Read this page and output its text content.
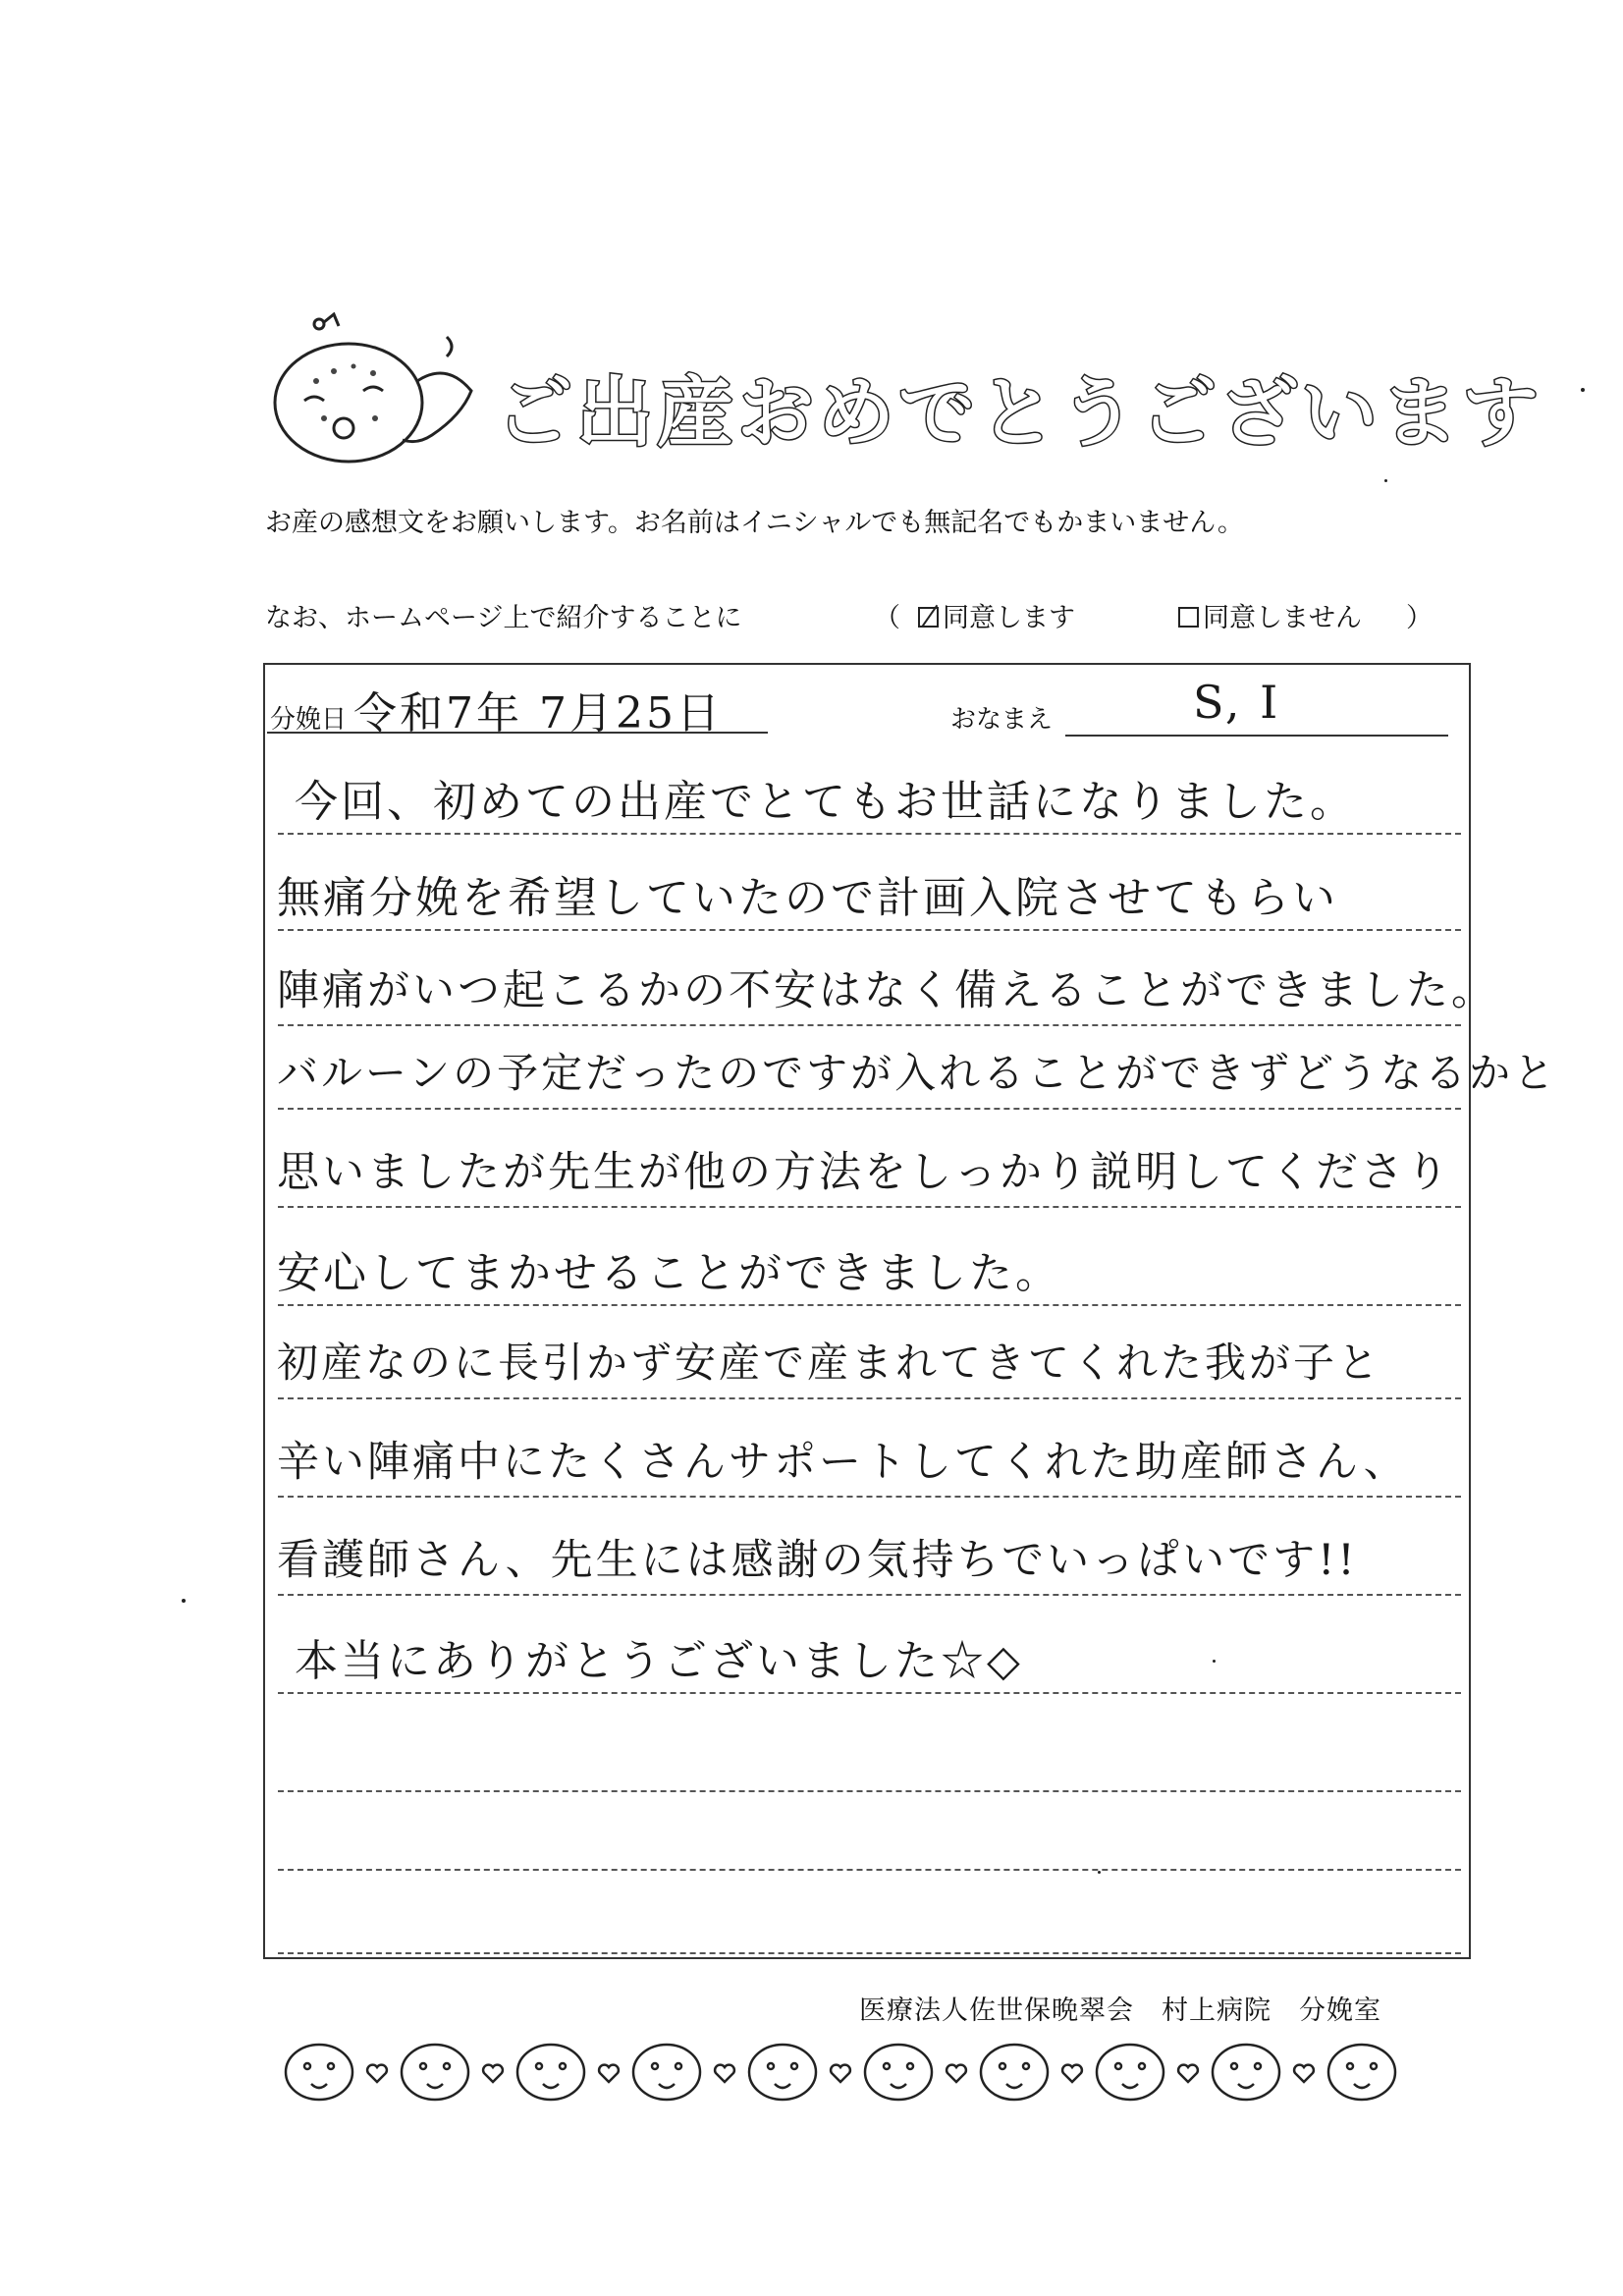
ご出産おめでとうございます
お産の感想文をお願いします。お名前はイニシャルでも無記名でもかまいません。
なお、ホームページ上で紹介することに	（	同意します	同意しません ）
分娩日 令和7年 7月25日	おなまえ	S, I
今回、初めての出産でとてもお世話になりました。
無痛分娩を希望していたので計画入院させてもらい
陣痛がいつ起こるかの不安はなく備えることができました。
バルーンの予定だったのですが入れることができずどうなるかと
思いましたが先生が他の方法をしっかり説明してくださり
安心してまかせることができました。
初産なのに長引かず安産で産まれてきてくれた我が子と
辛い陣痛中にたくさんサポートしてくれた助産師さん、
看護師さん、先生には感謝の気持ちでいっぱいです!!
本当にありがとうございました☆◇
医療法人佐世保晩翠会　村上病院　分娩室
